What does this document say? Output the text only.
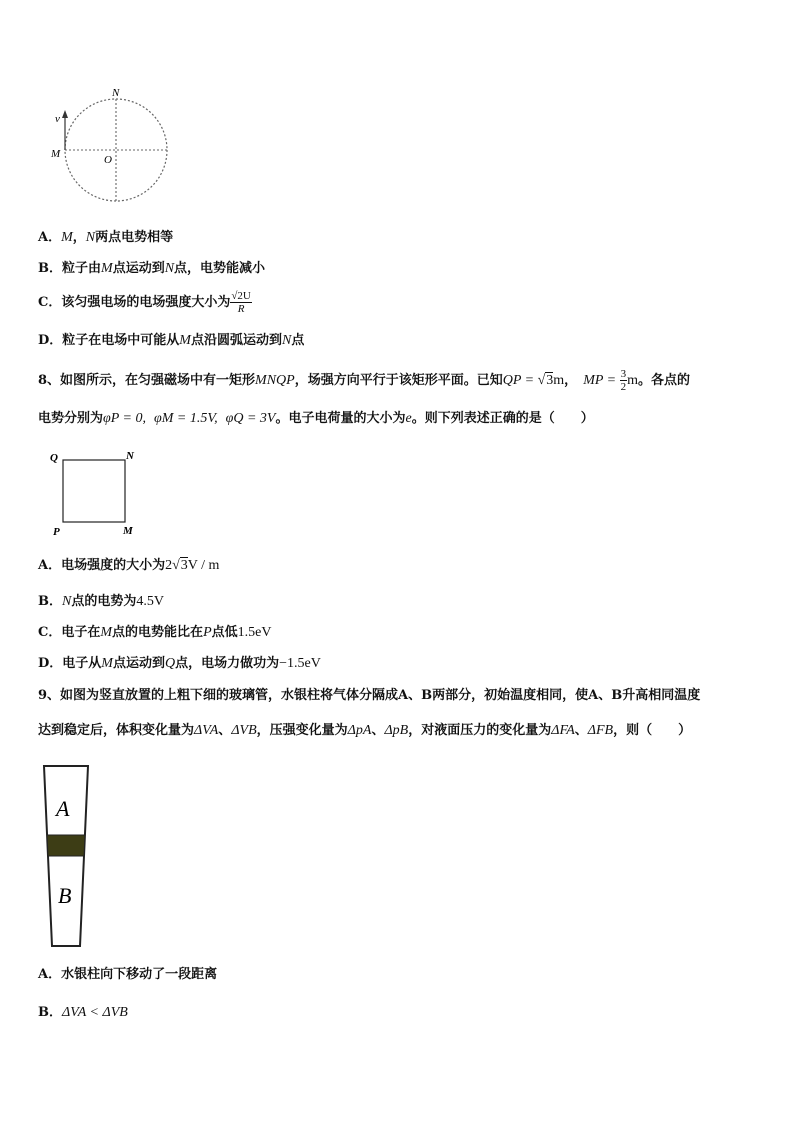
N
M	O
v
A．M，N两点电势相等
B．粒子由M点运动到N点，电势能减小
C．该匀强电场的电场强度大小为 $\frac{√2U}{R}$
D．粒子在电场中可能从M点沿圆弧运动到N点
8、如图所示，在匀强磁场中有一矩形MNQP，场强方向平行于该矩形平面。已知QP = √3m， MP = $\frac{3}{2}$ m。各点的
电势分别为φP = 0, φM = 1.5V, φQ = 3V。电子电荷量的大小为e。则下列表述正确的是（　　）
Q	N
P	M
A．电场强度的大小为2√3V / m
B．N点的电势为4.5V
C．电子在M点的电势能比在P点低1.5eV
D．电子从M点运动到Q点，电场力做功为−1.5eV
9、如图为竖直放置的上粗下细的玻璃管，水银柱将气体分隔成A、B两部分，初始温度相同，使A、B升高相同温度
达到稳定后，体积变化量为ΔVA、ΔVB，压强变化量为ΔpA、ΔpB，对液面压力的变化量为ΔFA、ΔFB，则（　　）
A
B
A．水银柱向下移动了一段距离
B．ΔVA < ΔVB
